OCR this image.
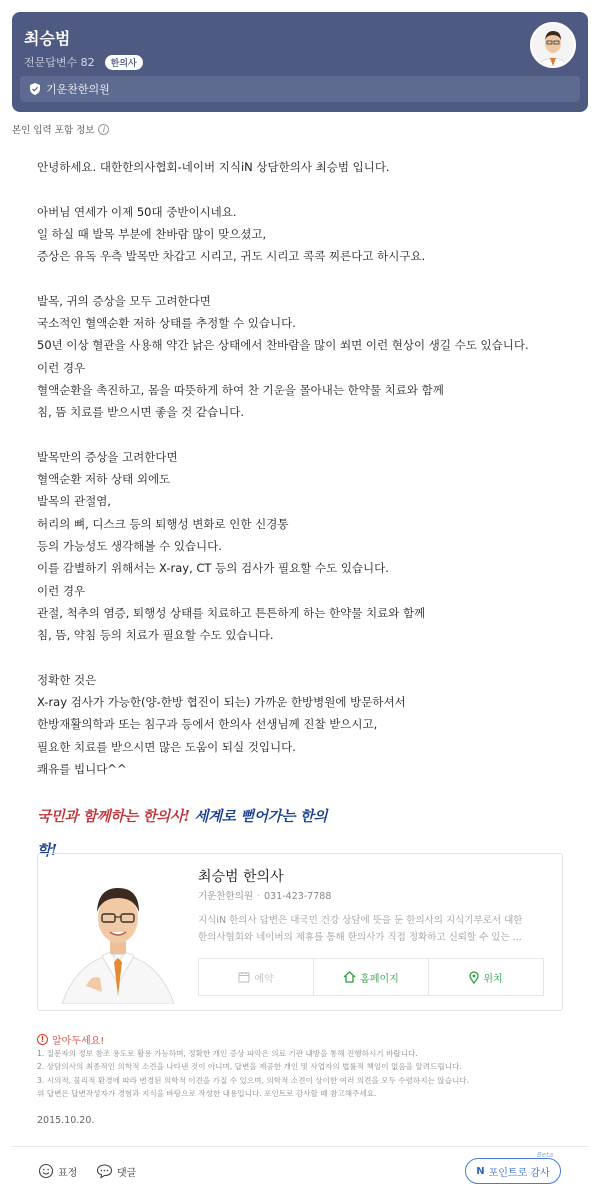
최승범
전문답변수 82	한의사
기운찬한의원
본인 입력 포함 정보	i
안녕하세요. 대한한의사협회-네이버 지식iN 상담한의사 최승범 입니다.
아버님 연세가 이제 50대 중반이시네요.
일 하실 때 발목 부분에 찬바람 많이 맞으셨고,
증상은 유독 우측 발목만 차갑고 시리고, 귀도 시리고 콕콕 찌른다고 하시구요.
발목, 귀의 증상을 모두 고려한다면
국소적인 혈액순환 저하 상태를 추정할 수 있습니다.
50년 이상 혈관을 사용해 약간 낡은 상태에서 찬바람을 많이 쐬면 이런 현상이 생길 수도 있습니다.
이런 경우
혈액순환을 촉진하고, 몸을 따뜻하게 하여 찬 기운을 몰아내는 한약물 치료와 함께
침, 뜸 치료를 받으시면 좋을 것 같습니다.
발목만의 증상을 고려한다면
혈액순환 저하 상태 외에도
발목의 관절염,
허리의 뼈, 디스크 등의 퇴행성 변화로 인한 신경통
등의 가능성도 생각해볼 수 있습니다.
이를 감별하기 위해서는 X-ray, CT 등의 검사가 필요할 수도 있습니다.
이런 경우
관절, 척추의 염증, 퇴행성 상태를 치료하고 튼튼하게 하는 한약물 치료와 함께
침, 뜸, 약침 등의 치료가 필요할 수도 있습니다.
정확한 것은
X-ray 검사가 가능한(양-한방 협진이 되는) 가까운 한방병원에 방문하셔서
한방재활의학과 또는 침구과 등에서 한의사 선생님께 진찰 받으시고,
필요한 치료를 받으시면 많은 도움이 되실 것입니다.
쾌유를 빕니다^^
국민과 함께하는 한의사! 세계로 뻗어가는 한의학!
최승범 한의사
기운찬한의원 · 031-423-7788
지식iN 한의사 답변은 대국민 건강 상담에 뜻을 둔 한의사의 지식기부로서 대한
한의사협회와 네이버의 제휴를 통해 한의사가 직접 정확하고 신뢰할 수 있는 ...
예약	홈페이지	위치
! 알아두세요!
1. 질문자의 정보 참조 용도로 활용 가능하며, 정확한 개인 증상 파악은 의료 기관 내방을 통해 진행하시기 바랍니다.
2. 상담의사의 최종적인 의학적 소견을 나타낸 것이 아니며, 답변을 제공한 개인 및 사업자의 법률적 책임이 없음을 알려드립니다.
3. 시의적, 물리적 환경에 따라 변경된 의학적 이견을 가질 수 있으며, 의학적 소견이 상이한 여러 의견을 모두 수렴하지는 않습니다.
위 답변은 답변작성자가 경험과 지식을 바탕으로 작성한 내용입니다. 포인트로 감사할 때 참고해주세요.
2015.10.20.
표정	댓글
Beta
N 포인트로 감사
